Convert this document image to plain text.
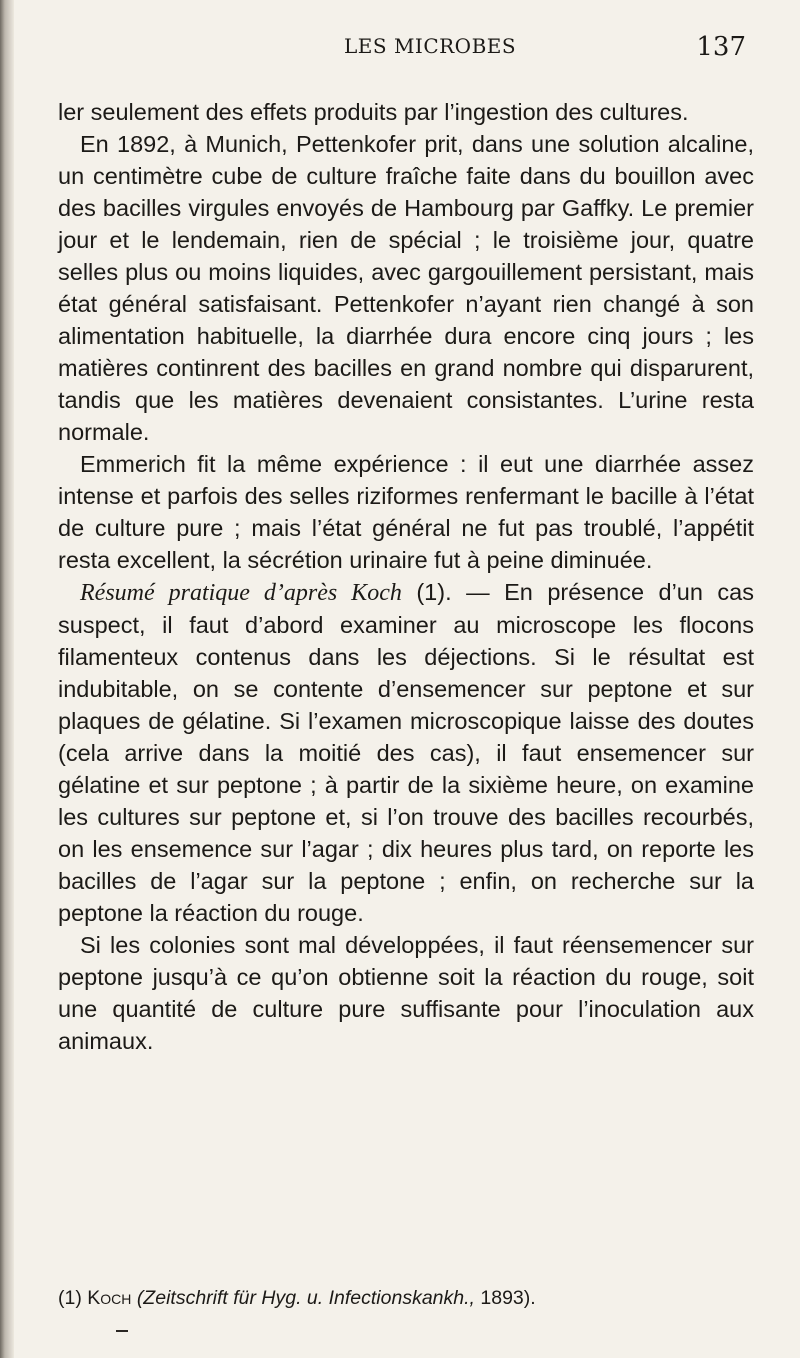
LES MICROBES	137

ler seulement des effets produits par l’ingestion des cultures.

En 1892, à Munich, Pettenkofer prit, dans une solution alcaline, un centimètre cube de culture fraîche faite dans du bouillon avec des bacilles virgules envoyés de Hambourg par Gaffky. Le premier jour et le lendemain, rien de spécial ; le troisième jour, quatre selles plus ou moins liquides, avec gargouillement persistant, mais état général satisfaisant. Pettenkofer n’ayant rien changé à son alimentation habituelle, la diarrhée dura encore cinq jours ; les matières continrent des bacilles en grand nombre qui disparurent, tandis que les matières devenaient consistantes. L’urine resta normale.

Emmerich fit la même expérience : il eut une diarrhée assez intense et parfois des selles riziformes renfermant le bacille à l’état de culture pure ; mais l’état général ne fut pas troublé, l’appétit resta excellent, la sécrétion urinaire fut à peine diminuée.

Résumé pratique d’après Koch (1). — En présence d’un cas suspect, il faut d’abord examiner au microscope les flocons filamenteux contenus dans les déjections. Si le résultat est indubitable, on se contente d’ensemencer sur peptone et sur plaques de gélatine. Si l’examen microscopique laisse des doutes (cela arrive dans la moitié des cas), il faut ensemencer sur gélatine et sur peptone ; à partir de la sixième heure, on examine les cultures sur peptone et, si l’on trouve des bacilles recourbés, on les ensemence sur l’agar ; dix heures plus tard, on reporte les bacilles de l’agar sur la peptone ; enfin, on recherche sur la peptone la réaction du rouge.

Si les colonies sont mal développées, il faut réensemencer sur peptone jusqu’à ce qu’on obtienne soit la réaction du rouge, soit une quantité de culture pure suffisante pour l’inoculation aux animaux.

(1) Koch (Zeitschrift für Hyg. u. Infectionskankh., 1893).
